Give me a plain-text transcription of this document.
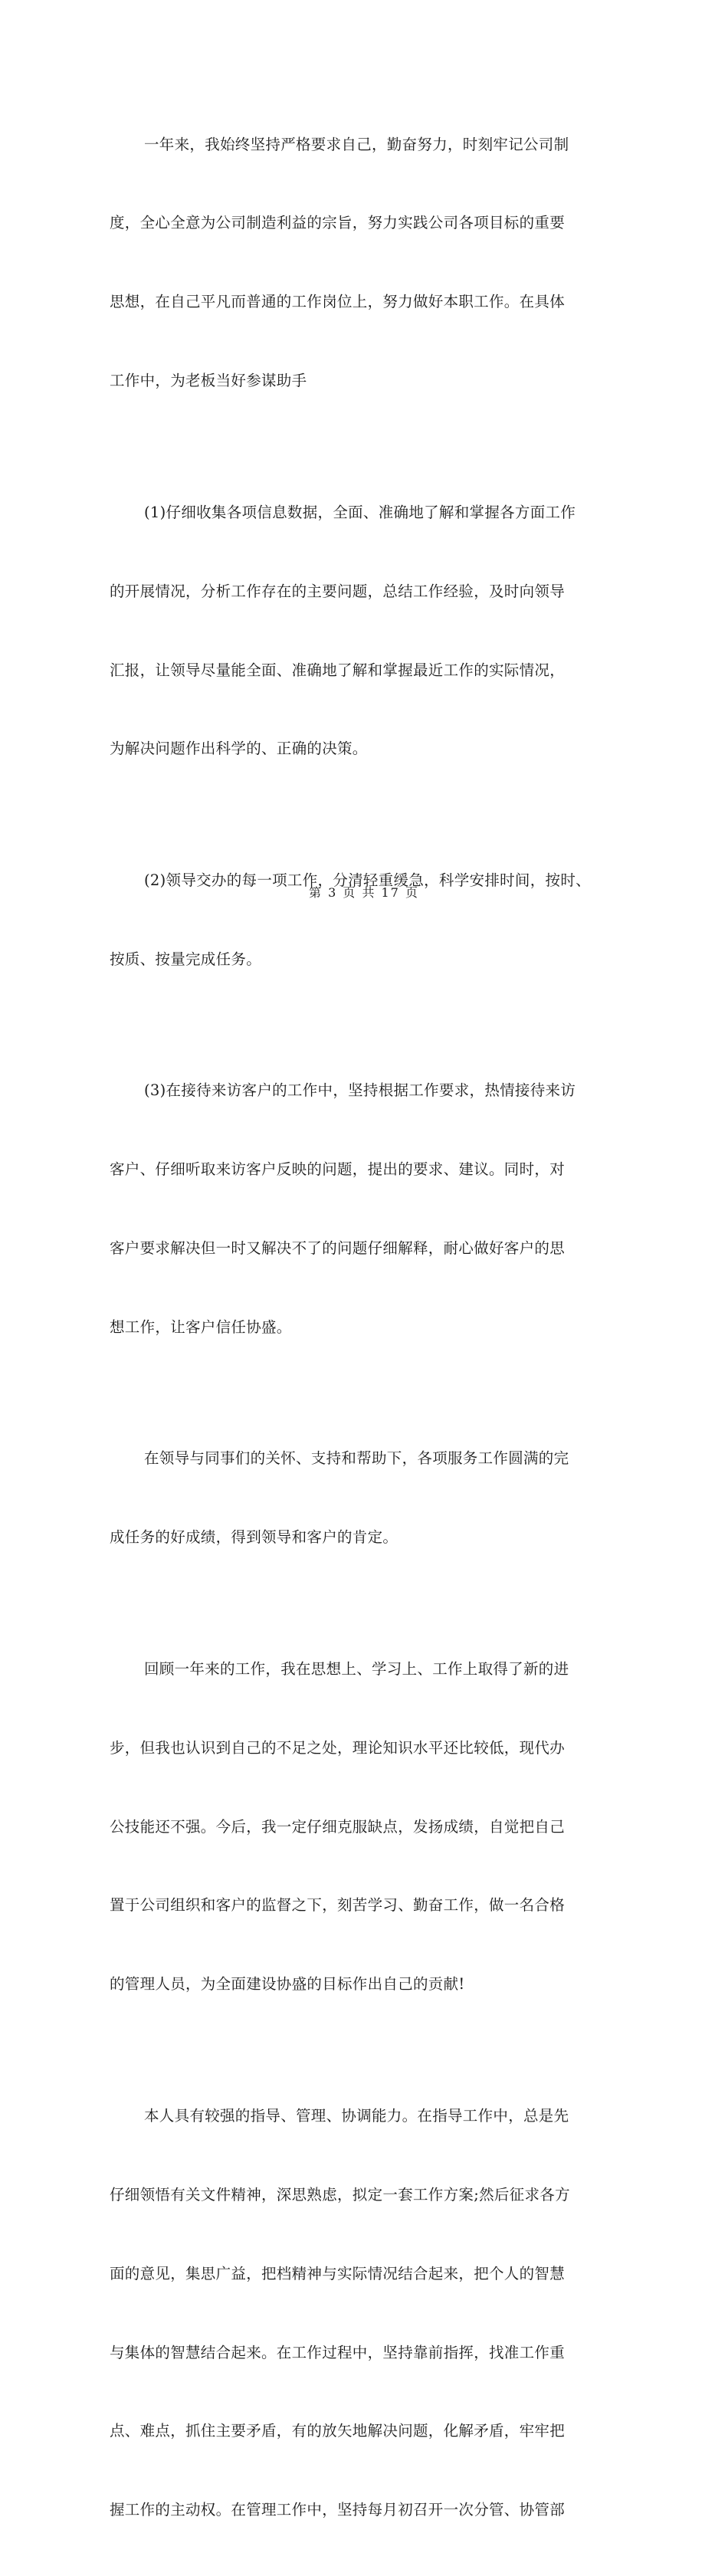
一年来，我始终坚持严格要求自己，勤奋努力，时刻牢记公司制

度，全心全意为公司制造利益的宗旨，努力实践公司各项目标的重要

思想，在自己平凡而普通的工作岗位上，努力做好本职工作。在具体

工作中，为老板当好参谋助手

(1)仔细收集各项信息数据，全面、准确地了解和掌握各方面工作

的开展情况，分析工作存在的主要问题，总结工作经验，及时向领导

汇报，让领导尽量能全面、准确地了解和掌握最近工作的实际情况，

为解决问题作出科学的、正确的决策。

(2)领导交办的每一项工作，分清轻重缓急，科学安排时间，按时、

按质、按量完成任务。

(3)在接待来访客户的工作中，坚持根据工作要求，热情接待来访

客户、仔细听取来访客户反映的问题，提出的要求、建议。同时，对

客户要求解决但一时又解决不了的问题仔细解释，耐心做好客户的思

想工作，让客户信任协盛。

在领导与同事们的关怀、支持和帮助下，各项服务工作圆满的完

成任务的好成绩，得到领导和客户的肯定。

回顾一年来的工作，我在思想上、学习上、工作上取得了新的进

步，但我也认识到自己的不足之处，理论知识水平还比较低，现代办

公技能还不强。今后，我一定仔细克服缺点，发扬成绩，自觉把自己

置于公司组织和客户的监督之下，刻苦学习、勤奋工作，做一名合格

的管理人员，为全面建设协盛的目标作出自己的贡献!

本人具有较强的指导、管理、协调能力。在指导工作中，总是先

仔细领悟有关文件精神，深思熟虑，拟定一套工作方案;然后征求各方

面的意见，集思广益，把档精神与实际情况结合起来，把个人的智慧

与集体的智慧结合起来。在工作过程中，坚持靠前指挥，找准工作重

点、难点，抓住主要矛盾，有的放矢地解决问题，化解矛盾，牢牢把

握工作的主动权。在管理工作中，坚持每月初召开一次分管、协管部

第 3 页 共 17 页
